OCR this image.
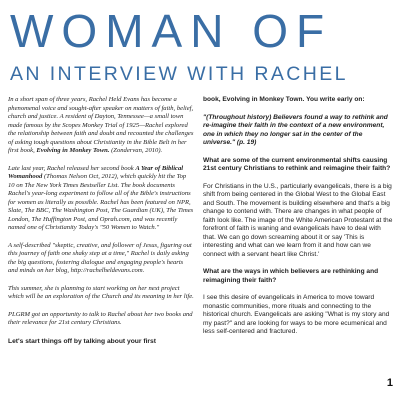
WOMAN OF
AN INTERVIEW WITH RACHEL

In a short span of three years, Rachel Held Evans has become a phenomenal voice and sought-after speaker on matters of faith, belief, church and justice. A resident of Dayton, Tennessee—a small town made famous by the Scopes Monkey Trial of 1925—Rachel explored the relationship between faith and doubt and recounted the challenges of asking tough questions about Christianity in the Bible Belt in her first book, Evolving in Monkey Town. (Zondervan, 2010).

Late last year, Rachel released her second book A Year of Biblical Womanhood (Thomas Nelson Oct, 2012), which quickly hit the Top 10 on The New York Times Bestseller List. The book documents Rachel's year-long experiment to follow all of the Bible's instructions for women as literally as possible. Rachel has been featured on NPR, Slate, The BBC, The Washington Post, The Guardian (UK), The Times London, The Huffington Post, and Oprah.com, and was recently named one of Christianity Today's "50 Women to Watch."

A self-described "skeptic, creative, and follower of Jesus, figuring out this journey of faith one shaky step at a time," Rachel is daily asking the big questions, fostering dialogue and engaging people's hearts and minds on her blog, http://rachelheldevans.com.

This summer, she is planning to start working on her next project which will be an exploration of the Church and its meaning in her life.

PLGRM got an opportunity to talk to Rachel about her two books and their relevance for 21st century Christians.

Let's start things off by talking about your first

book, Evolving in Monkey Town. You write early on:

"(Throughout history) Believers found a way to rethink and re-imagine their faith in the context of a new environment, one in which they no longer sat in the center of the universe." (p. 19)

What are some of the current environmental shifts causing 21st century Christians to rethink and reimagine their faith?

For Christians in the U.S., particularly evangelicals, there is a big shift from being centered in the Global West to the Global East and South. The movement is building elsewhere and that's a big change to contend with. There are changes in what people of faith look like. The image of the White American Protestant at the forefront of faith is waning and evangelicals have to deal with that. We can go down screaming about it or say 'This is interesting and what can we learn from it and how can we connect with a servant heart like Christ.'

What are the ways in which believers are rethinking and reimagining their faith?

I see this desire of evangelicals in America to move toward monastic communities, more rituals and connecting to the historical church. Evangelicals are asking "What is my story and my past?" and are looking for ways to be more ecumenical and less self-centered and fractured.

1
